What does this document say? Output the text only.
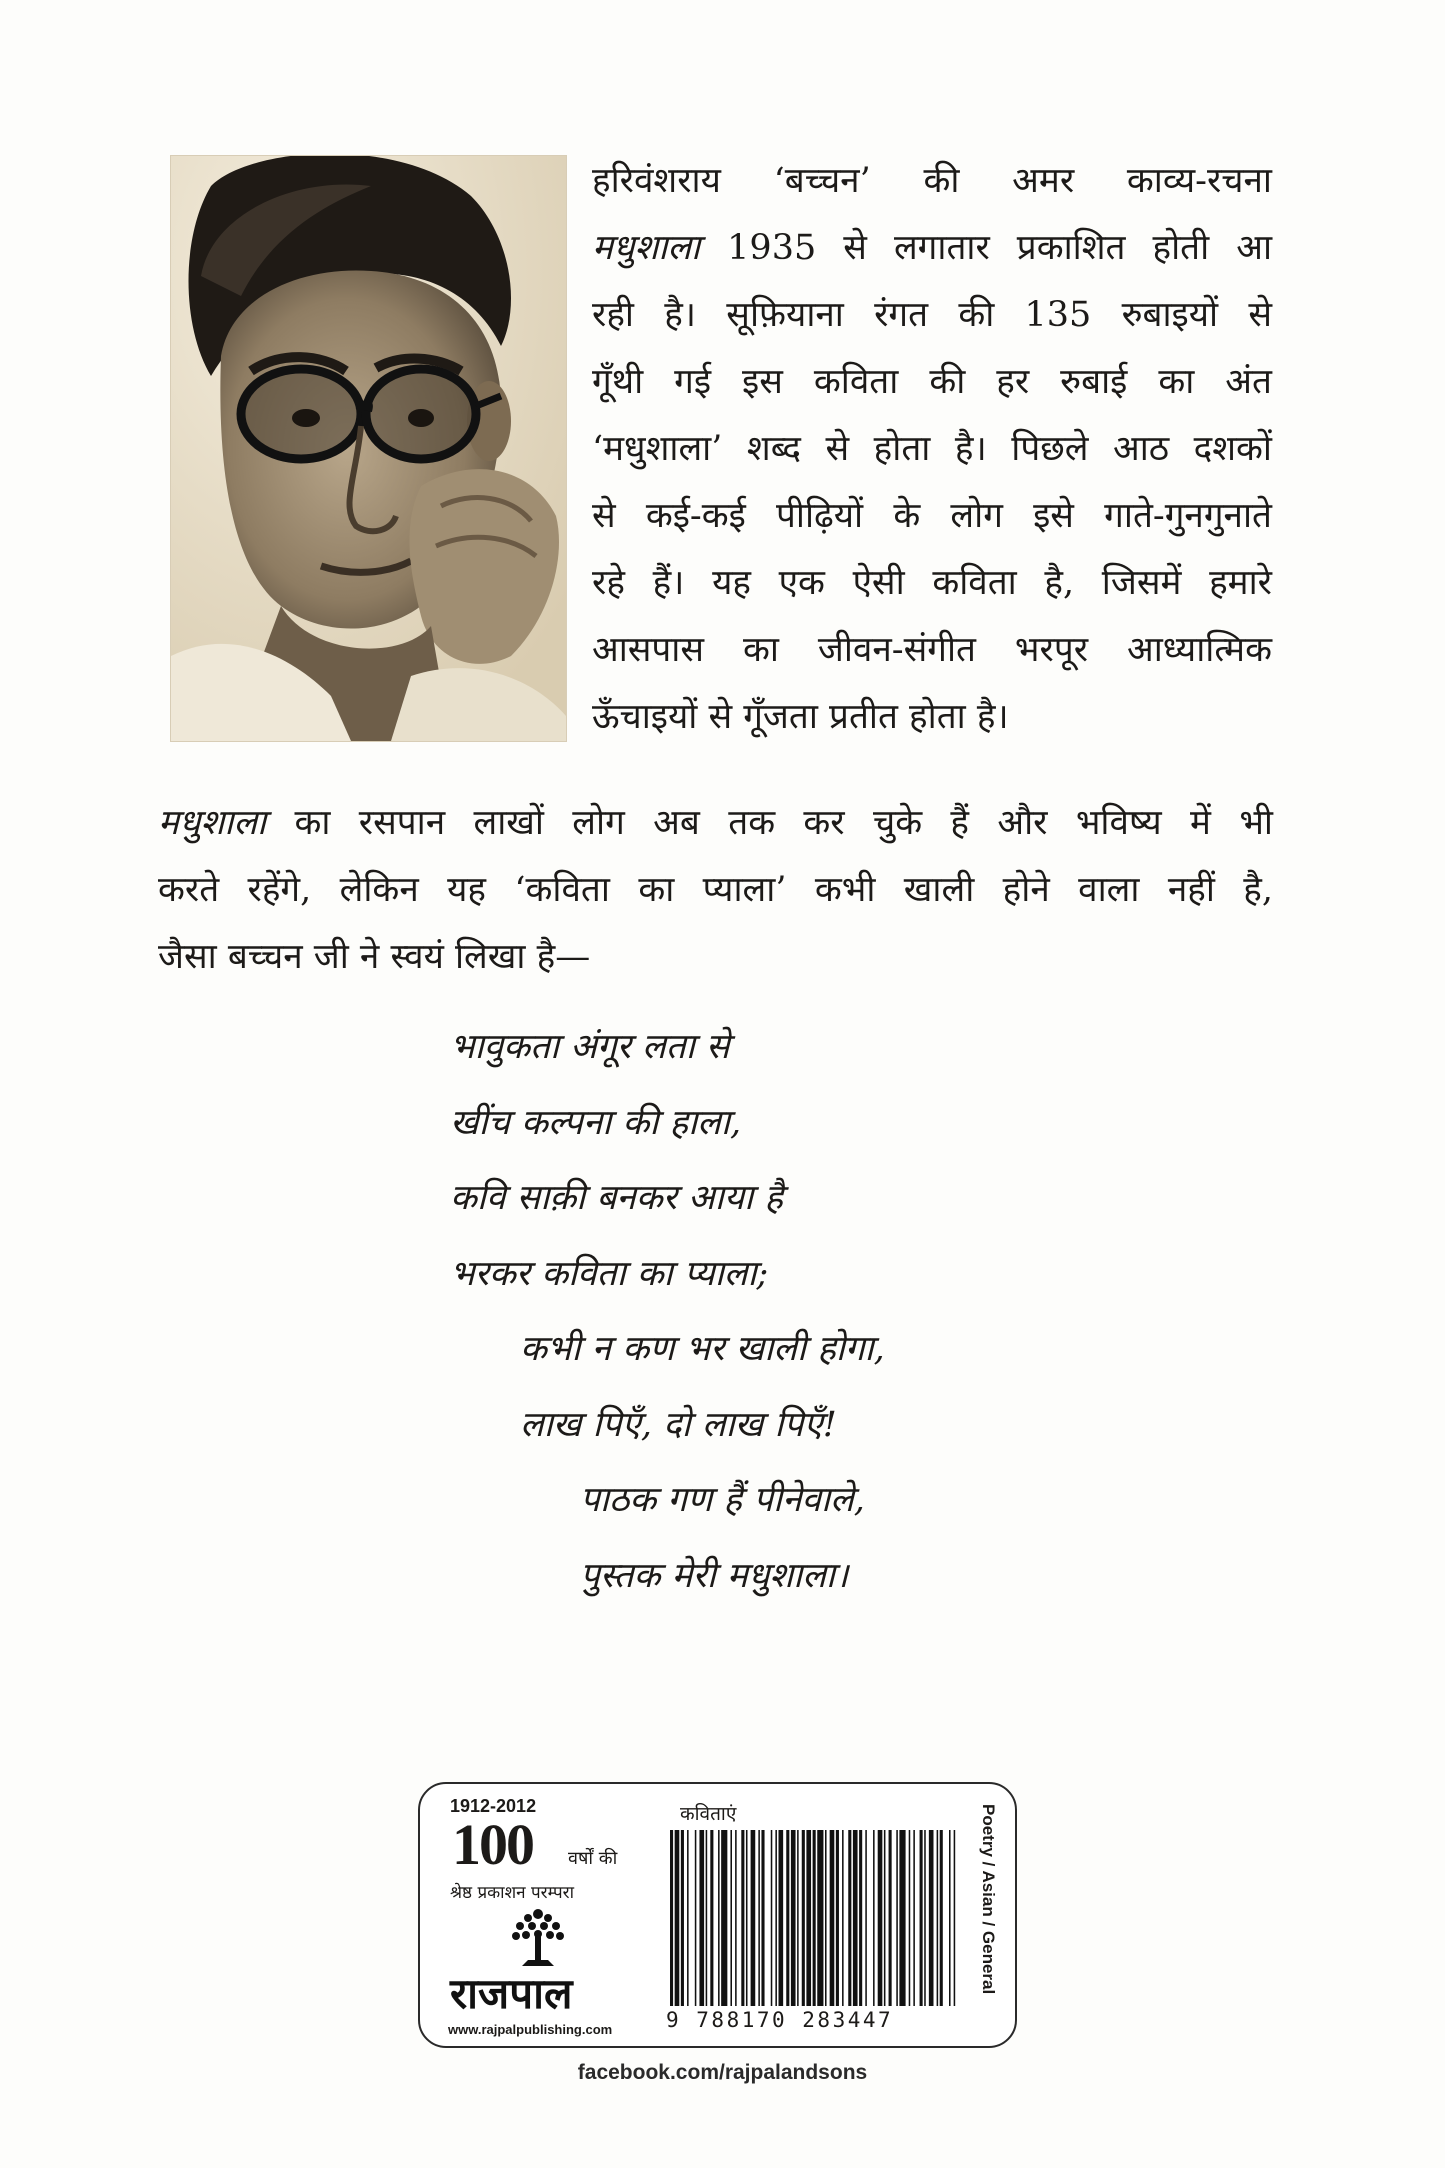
हरिवंशराय ‘बच्चन’ की अमर काव्य-रचना
मधुशाला 1935 से लगातार प्रकाशित होती आ
रही है। सूफ़ियाना रंगत की 135 रुबाइयों से
गूँथी गई इस कविता की हर रुबाई का अंत
‘मधुशाला’ शब्द से होता है। पिछले आठ दशकों
से कई-कई पीढ़ियों के लोग इसे गाते-गुनगुनाते
रहे हैं। यह एक ऐसी कविता है, जिसमें हमारे
आसपास का जीवन-संगीत भरपूर आध्यात्मिक
ऊँचाइयों से गूँजता प्रतीत होता है।
मधुशाला का रसपान लाखों लोग अब तक कर चुके हैं और भविष्य में भी
करते रहेंगे, लेकिन यह ‘कविता का प्याला’ कभी खाली होने वाला नहीं है,
जैसा बच्चन जी ने स्वयं लिखा है—
भावुकता अंगूर लता से
खींच कल्पना की हाला,
कवि साक़ी बनकर आया है
भरकर कविता का प्याला;
कभी न कण भर खाली होगा,
लाख पिएँ, दो लाख पिएँ!
पाठक गण हैं पीनेवाले,
पुस्तक मेरी मधुशाला।
1912-2012
100 वर्षों की
श्रेष्ठ प्रकाशन परम्परा
राजपाल
www.rajpalpublishing.com
कविताएं
9 788170 283447
Poetry / Asian / General
facebook.com/rajpalandsons
